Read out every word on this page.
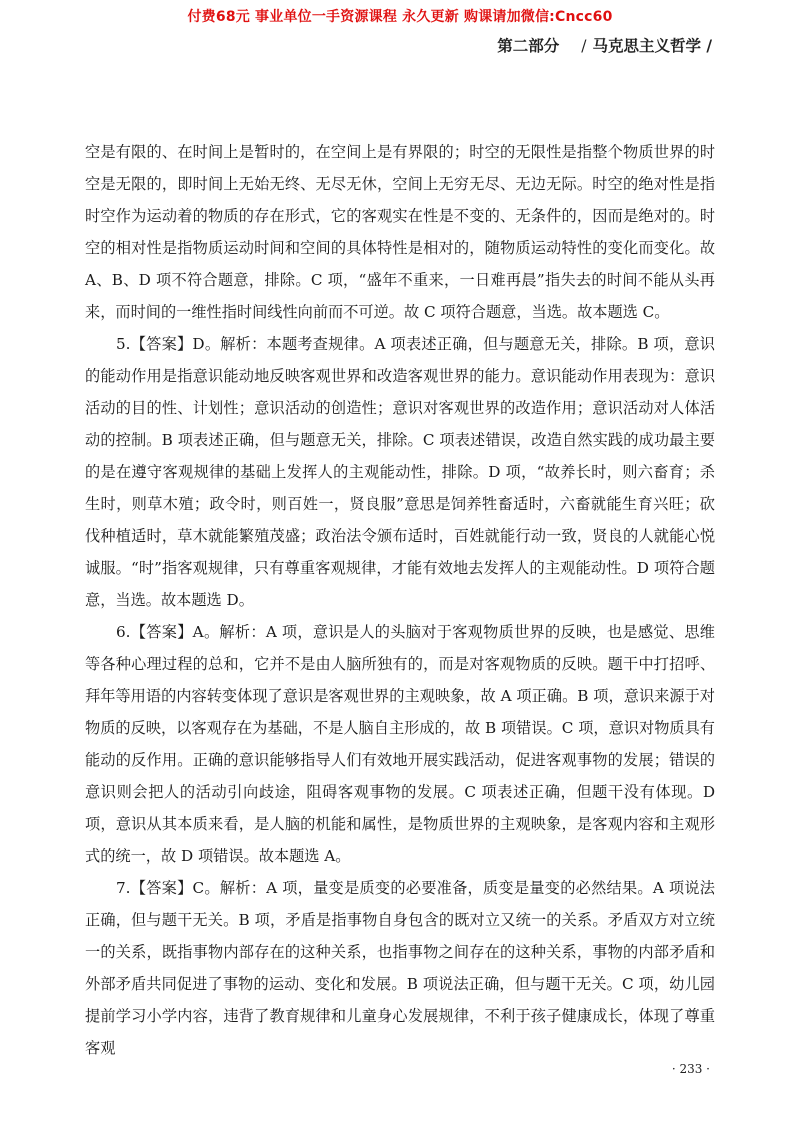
付费68元 事业单位一手资源课程 永久更新 购课请加微信:Cncc60
第二部分 / 马克思主义哲学 /

空是有限的、在时间上是暂时的，在空间上是有界限的；时空的无限性是指整个物质世界的时空是无限的，即时间上无始无终、无尽无休，空间上无穷无尽、无边无际。时空的绝对性是指时空作为运动着的物质的存在形式，它的客观实在性是不变的、无条件的，因而是绝对的。时空的相对性是指物质运动时间和空间的具体特性是相对的，随物质运动特性的变化而变化。故 A、B、D 项不符合题意，排除。C 项，“盛年不重来，一日难再晨”指失去的时间不能从头再来，而时间的一维性指时间线性向前而不可逆。故 C 项符合题意，当选。故本题选 C。

5.【答案】D。解析：本题考查规律。A 项表述正确，但与题意无关，排除。B 项，意识的能动作用是指意识能动地反映客观世界和改造客观世界的能力。意识能动作用表现为：意识活动的目的性、计划性；意识活动的创造性；意识对客观世界的改造作用；意识活动对人体活动的控制。B 项表述正确，但与题意无关，排除。C 项表述错误，改造自然实践的成功最主要的是在遵守客观规律的基础上发挥人的主观能动性，排除。D 项，“故养长时，则六畜育；杀生时，则草木殖；政令时，则百姓一，贤良服”意思是饲养牲畜适时，六畜就能生育兴旺；砍伐种植适时，草木就能繁殖茂盛；政治法令颁布适时，百姓就能行动一致，贤良的人就能心悦诚服。“时”指客观规律，只有尊重客观规律，才能有效地去发挥人的主观能动性。D 项符合题意，当选。故本题选 D。

6.【答案】A。解析：A 项，意识是人的头脑对于客观物质世界的反映，也是感觉、思维等各种心理过程的总和，它并不是由人脑所独有的，而是对客观物质的反映。题干中打招呼、拜年等用语的内容转变体现了意识是客观世界的主观映象，故 A 项正确。B 项，意识来源于对物质的反映，以客观存在为基础，不是人脑自主形成的，故 B 项错误。C 项，意识对物质具有能动的反作用。正确的意识能够指导人们有效地开展实践活动，促进客观事物的发展；错误的意识则会把人的活动引向歧途，阻碍客观事物的发展。C 项表述正确，但题干没有体现。D 项，意识从其本质来看，是人脑的机能和属性，是物质世界的主观映象，是客观内容和主观形式的统一，故 D 项错误。故本题选 A。

7.【答案】C。解析：A 项，量变是质变的必要准备，质变是量变的必然结果。A 项说法正确，但与题干无关。B 项，矛盾是指事物自身包含的既对立又统一的关系。矛盾双方对立统一的关系，既指事物内部存在的这种关系，也指事物之间存在的这种关系，事物的内部矛盾和外部矛盾共同促进了事物的运动、变化和发展。B 项说法正确，但与题干无关。C 项，幼儿园提前学习小学内容，违背了教育规律和儿童身心发展规律，不利于孩子健康成长，体现了尊重客观

· 233 ·
